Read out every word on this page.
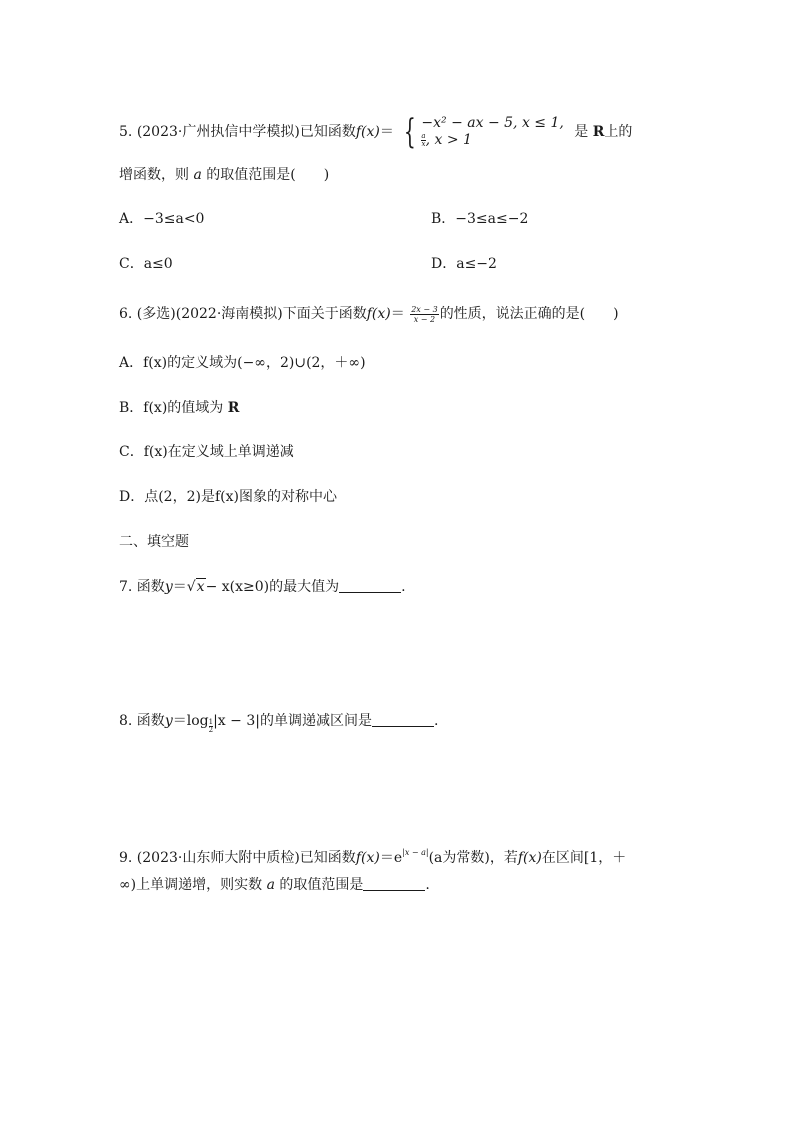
5. (2023·广州执信中学模拟)已知函数f(x)＝ { −x² − ax − 5, x ≤ 1,
$\frac{a}{x}$, x > 1	是 R上的
增函数，则 a 的取值范围是(　　)
A．−3≤a<0	B．−3≤a≤−2
C．a≤0	D．a≤−2
6. (多选)(2022·海南模拟)下面关于函数$f(x)= \frac{2x - 3}{x - 2}$ 的性质，说法正确的是(　　)
A．f(x)的定义域为(−∞，2)∪(2，＋∞)
B．f(x)的值域为 R
C．f(x)在定义域上单调递减
D．点(2，2)是f(x)图象的对称中心
二、填空题
7. 函数y＝√x− x(x≥0)的最大值为	.
8. 函数y＝log $_{\frac{1}{2}}$|x − 3|的单调递减区间是	.
9. (2023·山东师大附中质检)已知函数$f(x)=e^{|x - a|}(a$为常数)，若f(x)在区间[1，＋
∞)上单调递增，则实数 a 的取值范围是	.
